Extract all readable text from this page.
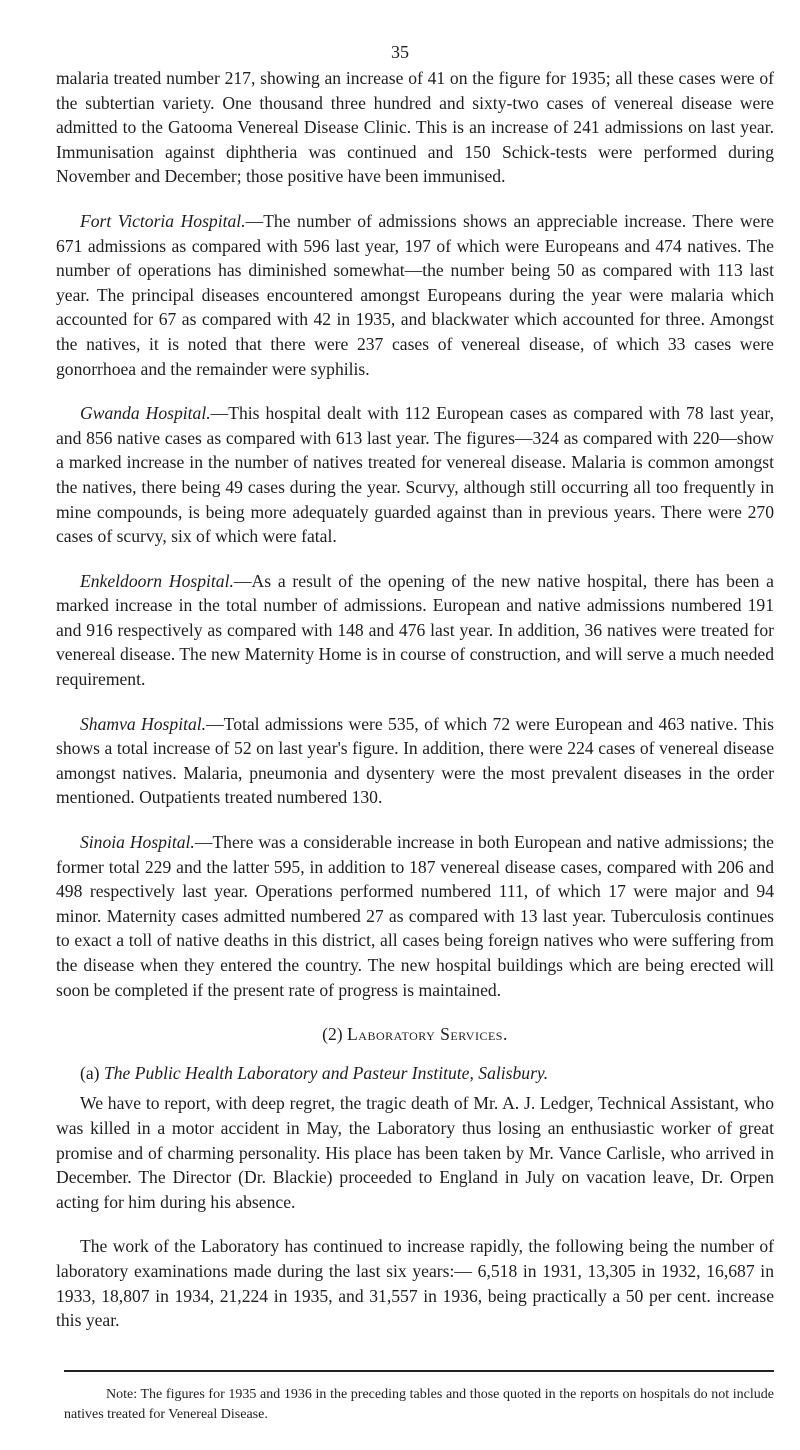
35

malaria treated number 217, showing an increase of 41 on the figure for 1935; all these cases were of the subtertian variety. One thousand three hundred and sixty-two cases of venereal disease were admitted to the Gatooma Venereal Disease Clinic. This is an increase of 241 admissions on last year. Immunisation against diphtheria was continued and 150 Schick-tests were performed during November and December; those positive have been immunised.

Fort Victoria Hospital.—The number of admissions shows an appreciable increase. There were 671 admissions as compared with 596 last year, 197 of which were Europeans and 474 natives. The number of operations has diminished somewhat—the number being 50 as compared with 113 last year. The principal diseases encountered amongst Europeans during the year were malaria which accounted for 67 as compared with 42 in 1935, and blackwater which accounted for three. Amongst the natives, it is noted that there were 237 cases of venereal disease, of which 33 cases were gonorrhoea and the remainder were syphilis.

Gwanda Hospital.—This hospital dealt with 112 European cases as compared with 78 last year, and 856 native cases as compared with 613 last year. The figures—324 as compared with 220—show a marked increase in the number of natives treated for venereal disease. Malaria is common amongst the natives, there being 49 cases during the year. Scurvy, although still occurring all too frequently in mine compounds, is being more adequately guarded against than in previous years. There were 270 cases of scurvy, six of which were fatal.

Enkeldoorn Hospital.—As a result of the opening of the new native hospital, there has been a marked increase in the total number of admissions. European and native admissions numbered 191 and 916 respectively as compared with 148 and 476 last year. In addition, 36 natives were treated for venereal disease. The new Maternity Home is in course of construction, and will serve a much needed requirement.

Shamva Hospital.—Total admissions were 535, of which 72 were European and 463 native. This shows a total increase of 52 on last year's figure. In addition, there were 224 cases of venereal disease amongst natives. Malaria, pneumonia and dysentery were the most prevalent diseases in the order mentioned. Outpatients treated numbered 130.

Sinoia Hospital.—There was a considerable increase in both European and native admissions; the former total 229 and the latter 595, in addition to 187 venereal disease cases, compared with 206 and 498 respectively last year. Operations performed numbered 111, of which 17 were major and 94 minor. Maternity cases admitted numbered 27 as compared with 13 last year. Tuberculosis continues to exact a toll of native deaths in this district, all cases being foreign natives who were suffering from the disease when they entered the country. The new hospital buildings which are being erected will soon be completed if the present rate of progress is maintained.

(2) Laboratory Services.

(a) The Public Health Laboratory and Pasteur Institute, Salisbury.

We have to report, with deep regret, the tragic death of Mr. A. J. Ledger, Technical Assistant, who was killed in a motor accident in May, the Laboratory thus losing an enthusiastic worker of great promise and of charming personality. His place has been taken by Mr. Vance Carlisle, who arrived in December. The Director (Dr. Blackie) proceeded to England in July on vacation leave, Dr. Orpen acting for him during his absence.

The work of the Laboratory has continued to increase rapidly, the following being the number of laboratory examinations made during the last six years:— 6,518 in 1931, 13,305 in 1932, 16,687 in 1933, 18,807 in 1934, 21,224 in 1935, and 31,557 in 1936, being practically a 50 per cent. increase this year.

Note: The figures for 1935 and 1936 in the preceding tables and those quoted in the reports on hospitals do not include natives treated for Venereal Disease.
